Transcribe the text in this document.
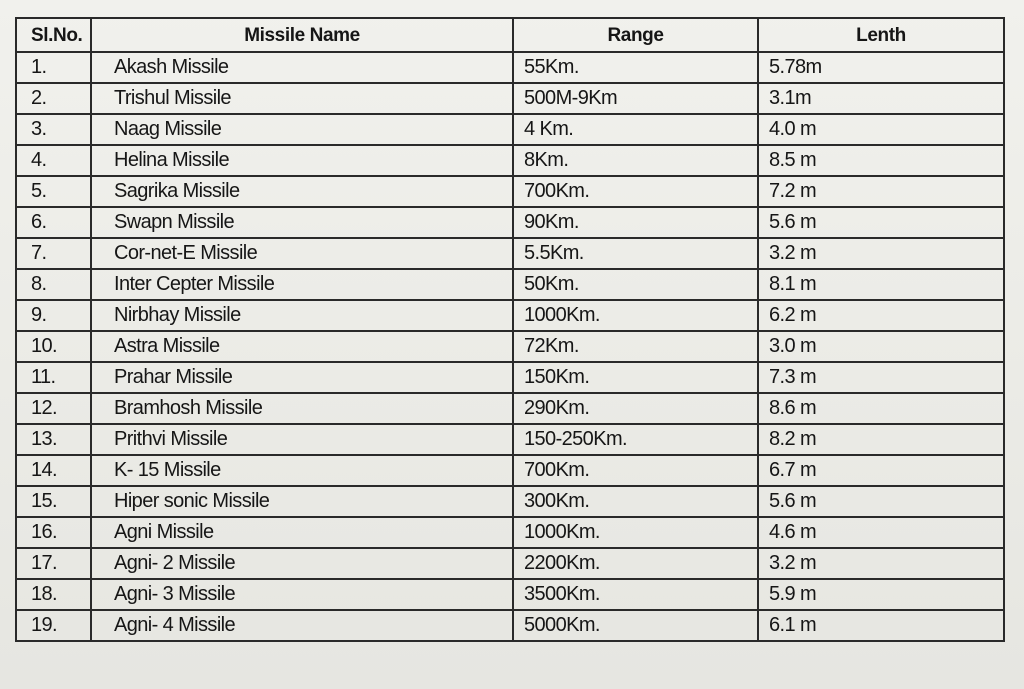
Sl.No.	Missile Name	Range	Lenth
1.	Akash Missile	55Km.	5.78m
2.	Trishul Missile	500M-9Km	3.1m
3.	Naag Missile	4 Km.	4.0 m
4.	Helina Missile	8Km.	8.5 m
5.	Sagrika Missile	700Km.	7.2 m
6.	Swapn Missile	90Km.	5.6 m
7.	Cor-net-E Missile	5.5Km.	3.2 m
8.	Inter Cepter Missile	50Km.	8.1 m
9.	Nirbhay Missile	1000Km.	6.2 m
10.	Astra Missile	72Km.	3.0 m
11.	Prahar Missile	150Km.	7.3 m
12.	Bramhosh Missile	290Km.	8.6 m
13.	Prithvi Missile	150-250Km.	8.2 m
14.	K- 15 Missile	700Km.	6.7 m
15.	Hiper sonic Missile	300Km.	5.6 m
16.	Agni Missile	1000Km.	4.6 m
17.	Agni- 2 Missile	2200Km.	3.2 m
18.	Agni- 3 Missile	3500Km.	5.9 m
19.	Agni- 4 Missile	5000Km.	6.1 m
